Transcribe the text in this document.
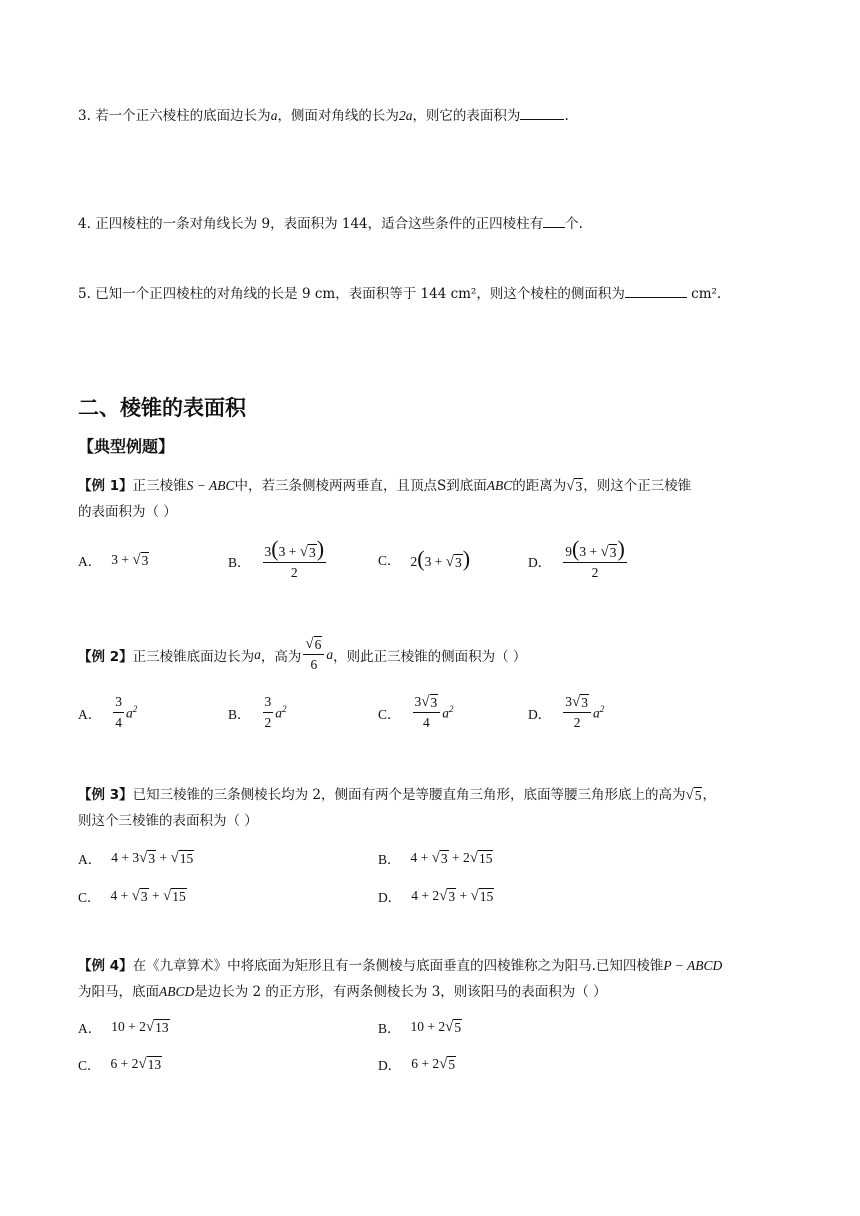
3. 若一个正六棱柱的底面边长为a，侧面对角线的长为2a，则它的表面积为	.
4. 正四棱柱的一条对角线长为 9，表面积为 144，适合这些条件的正四棱柱有 个.
5. 已知一个正四棱柱的对角线的长是 9 cm，表面积等于 144 cm²，则这个棱柱的侧面积为	cm².
二、棱锥的表面积
【典型例题】
【例 1】正三棱锥S − ABC中，若三条侧棱两两垂直，且顶点S到底面ABC的距离为 √ 3 ，则这个正三棱锥
的表面积为（ ）
A． 3 + √ 3	B． $\frac{3(3 + √ 3 )}{2}$	C． 2(3 + √ 3 )	D． $\frac{9(3 + √ 3 )}{2}$
【例 2】 正三棱锥底面边长为 a ，高为 $\frac{√ 6}{6}$ a ，则此正三棱锥的侧面积为（ ）
A． $\frac{3}{4} a^2$	B． $\frac{3}{2} a^2$	C． $\frac{3 √ 3}{4} a^2$	D． $\frac{3 √ 3}{2} a^2$
【例 3】已知三棱锥的三条侧棱长均为 2，侧面有两个是等腰直角三角形，底面等腰三角形底上的高为 √ 5 ，
则这个三棱锥的表面积为（ ）
A． 4 + 3 √ 3 + √ 15	B． 4 + √ 3 + 2 √ 15
C． 4 + √ 3 + √ 15	D． 4 + 2 √ 3 + √ 15
【例 4】在《九章算术》中将底面为矩形且有一条侧棱与底面垂直的四棱锥称之为阳马.已知四棱锥P − ABCD
为阳马，底面ABCD是边长为 2 的正方形，有两条侧棱长为 3，则该阳马的表面积为（ ）
A． 10 + 2 √ 13	B． 10 + 2 √ 5
C． 6 + 2 √ 13	D． 6 + 2 √ 5
